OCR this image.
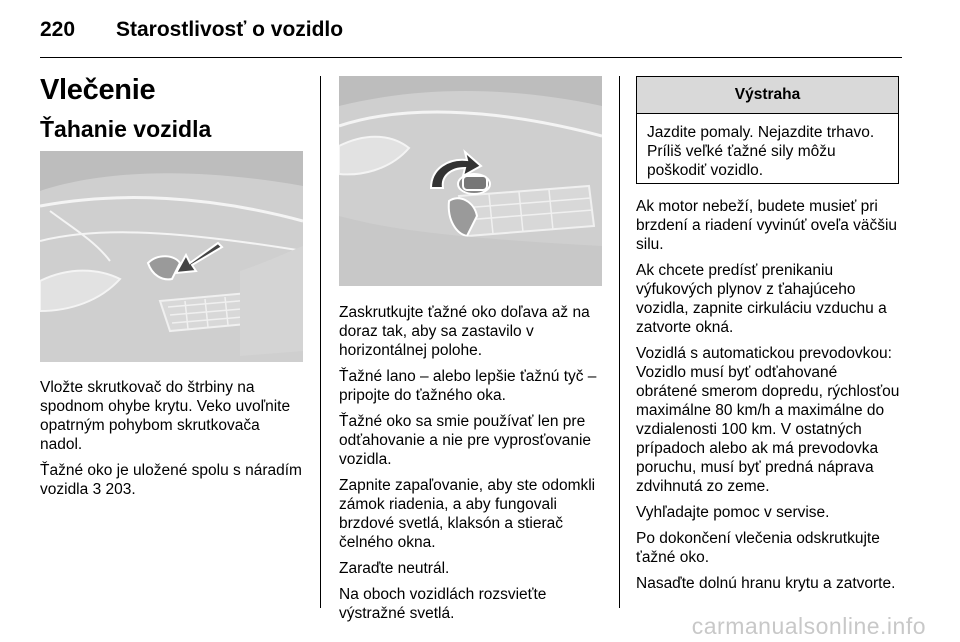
220 Starostlivosť o vozidlo
Vlečenie
Ťahanie vozidla

Vložte skrutkovač do štrbiny na spodnom ohybe krytu. Veko uvoľnite opatrným pohybom skrutkovača nadol.

Ťažné oko je uložené spolu s náradím vozidla 3 203.

Zaskrutkujte ťažné oko doľava až na doraz tak, aby sa zastavilo v horizontálnej polohe.

Ťažné lano – alebo lepšie ťažnú tyč – pripojte do ťažného oka.

Ťažné oko sa smie používať len pre odťahovanie a nie pre vyprosťovanie vozidla.

Zapnite zapaľovanie, aby ste odomkli zámok riadenia, a aby fungovali brzdové svetlá, klaksón a stierač čelného okna.

Zaraďte neutrál.

Na oboch vozidlách rozsvieťte výstražné svetlá.

Výstraha
Jazdite pomaly. Nejazdite trhavo. Príliš veľké ťažné sily môžu poškodiť vozidlo.

Ak motor nebeží, budete musieť pri brzdení a riadení vyvinúť oveľa väčšiu silu.

Ak chcete predísť prenikaniu výfukových plynov z ťahajúceho vozidla, zapnite cirkuláciu vzduchu a zatvorte okná.

Vozidlá s automatickou prevodovkou: Vozidlo musí byť odťahované obrátené smerom dopredu, rýchlosťou maximálne 80 km/h a maximálne do vzdialenosti 100 km. V ostatných prípadoch alebo ak má prevodovka poruchu, musí byť predná náprava zdvihnutá zo zeme.

Vyhľadajte pomoc v servise.

Po dokončení vlečenia odskrutkujte ťažné oko.

Nasaďte dolnú hranu krytu a zatvorte.

carmanualsonline.info
